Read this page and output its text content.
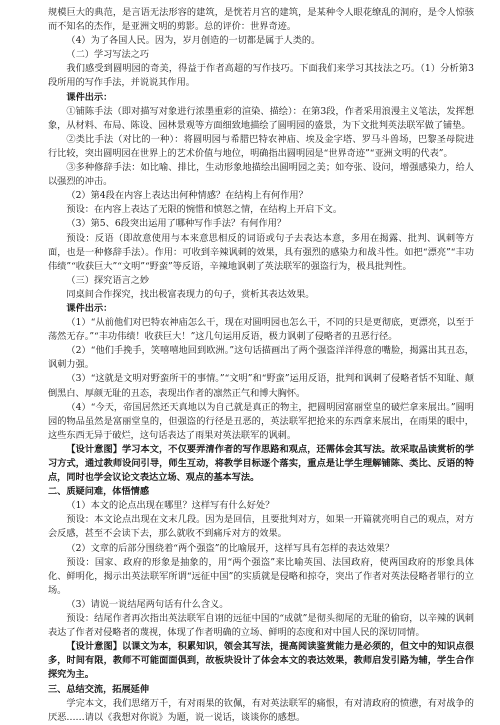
规模巨大的典范，是言语无法形容的建筑，是恍若月宫的建筑，是某种令人眼花缭乱的洞府，是令人惊骇而不知名的杰作，是亚洲文明的剪影。总的评价：世界奇迹。

（4）为了各国人民。因为，岁月创造的一切都是属于人类的。

（二）学习写法之巧

我们感受到圆明园的奇美，得益于作者高超的写作技巧。下面我们来学习其技法之巧。（1）分析第3段所用的写作手法，并说说其作用。

课件出示：

①铺陈手法（即对描写对象进行浓墨重彩的渲染、描绘）：在第3段，作者采用浪漫主义笔法，发挥想象，从材料、布局、陈设、园林景观等方面细致地描绘了圆明园的盛景，为下文批判英法联军做了铺垫。

②类比手法（对比的一种）：将圆明园与希腊巴特农神庙、埃及金字塔、罗马斗兽场，巴黎圣母院进行比较，突出圆明园在世界上的艺术价值与地位，明确指出圆明园是“世界奇迹”“亚洲文明的代表”。

③多种修辞手法：如比喻、排比，生动形象地描绘出圆明园之美；如夸张、设问，增强感染力，给人以强烈的冲击。

（2）第4段在内容上表达出何种情感？在结构上有何作用？

预设：在内容上表达了无限的惋惜和愤怒之情，在结构上开启下文。

（3）第5、6段突出运用了哪种写作手法？有何作用？

预设：反语（即故意使用与本来意思相反的词语或句子去表达本意，多用在揭露、批判、讽刺等方面，也是一种修辞手法）。作用：可收到辛辣讽刺的效果，具有强烈的感染力和战斗性。如把“漂亮”“丰功伟绩”“收获巨大”“文明”“野蛮”等反语，辛辣地讽刺了英法联军的强盗行为，极具批判性。

（三）探究语言之妙

同桌间合作探究，找出极富表现力的句子，赏析其表达效果。

课件出示：

（1）“从前他们对巴特农神庙怎么干，现在对圆明园也怎么干，不同的只是更彻底，更漂亮，以至于荡然无存。”“丰功伟绩！收获巨大！”这几句运用反语，极力讽刺了侵略者的丑恶行径。

（2）“他们手挽手，笑嘻嘻地回到欧洲。”这句话描画出了两个强盗洋洋得意的嘴脸，揭露出其丑态，讽刺力强。

（3）“这就是文明对野蛮所干的事情。”“文明”和“野蛮”运用反语，批判和讽刺了侵略者恬不知耻、颠倒黑白、厚颜无耻的丑态，表现出作者的凛然正气和博大胸怀。

（4）“今天，帝国居然还天真地以为自己就是真正的物主，把圆明园富丽堂皇的破烂拿来展出。”圆明园的物品虽然是富丽堂皇的，但强盗的行径是丑恶的，英法联军把抢来的东西拿来展出，在雨果的眼中，这些东西无异于破烂，这句话表达了雨果对英法联军的讽刺。

【设计意图】学习本文，不仅要弄清作者的写作思路和观点，还需体会其写法。故采取品读赏析的学习方式，通过教师设问引导，师生互动，将教学目标逐个落实，重点是让学生理解铺陈、类比、反语的特点，同时也学会议论文表达立场、观点的基本写法。

二、质疑问难，体悟情感

（1）本文的论点出现在哪里？这样写有什么好处？

预设：本文论点出现在文末几段。因为是回信，且要批判对方，如果一开篇就亮明自己的观点，对方会反感，甚至不会读下去，那么就收不到痛斥对方的效果。

（2）文章的后部分围绕着“两个强盗”的比喻展开，这样写具有怎样的表达效果？

预设：国家、政府的形象是抽象的，用“两个强盗”来比喻英国、法国政府，使两国政府的形象具体化、鲜明化，揭示出英法联军所谓“远征中国”的实质就是侵略和掠夺，突出了作者对英法侵略者罪行的立场。

（3）请说一说结尾两句话有什么含义。

预设：结尾作者再次指出英法联军自诩的远征中国的“成就”是彻头彻尾的无耻的偷窃，以辛辣的讽刺表达了作者对侵略者的蔑视，体现了作者明确的立场、鲜明的态度和对中国人民的深切同情。

【设计意图】以课文为本，积累知识，领会其写法，提高阅读鉴赏能力是必须的，但文中的知识点很多，时间有限，教师不可能面面俱到，故板块设计了体会本文的表达效果，教师启发引路为辅，学生合作探究为主。

三、总结交流，拓展延伸

学完本文，我们思绪万千，有对雨果的钦佩，有对英法联军的痛恨，有对清政府的愤懑，有对战争的厌恶……请以《我想对你说》为题，说一说话，谈谈你的感想。
